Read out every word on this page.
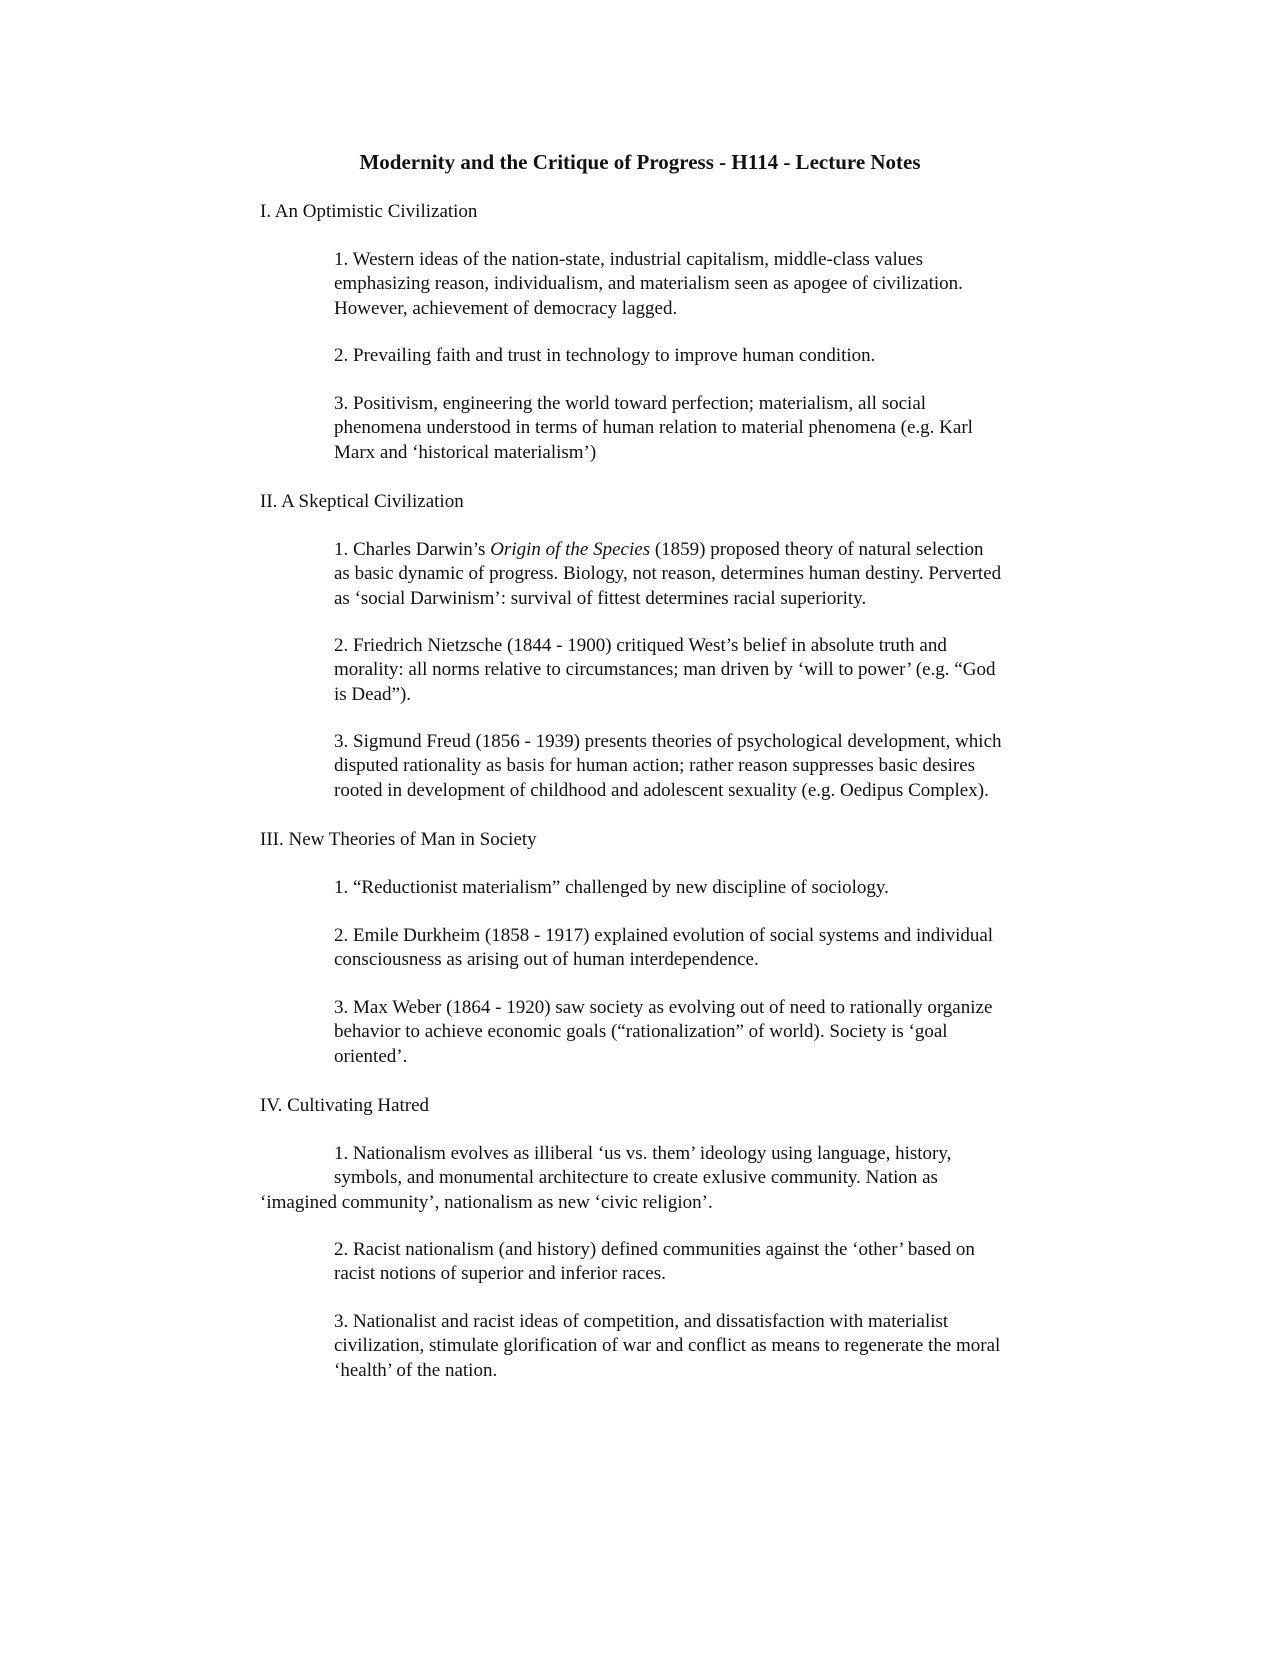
Modernity and the Critique of Progress - H114 - Lecture Notes
I. An Optimistic Civilization
1. Western ideas of the nation-state, industrial capitalism, middle-class values
emphasizing reason, individualism, and materialism seen as apogee of civilization.
However, achievement of democracy lagged.
2. Prevailing faith and trust in technology to improve human condition.
3. Positivism, engineering the world toward perfection; materialism, all social
phenomena understood in terms of human relation to material phenomena (e.g. Karl
Marx and ‘historical materialism’)
II. A Skeptical Civilization
1. Charles Darwin’s Origin of the Species (1859) proposed theory of natural selection
as basic dynamic of progress. Biology, not reason, determines human destiny. Perverted
as ‘social Darwinism’: survival of fittest determines racial superiority.
2. Friedrich Nietzsche (1844 - 1900) critiqued West’s belief in absolute truth and
morality: all norms relative to circumstances; man driven by ‘will to power’ (e.g. “God
is Dead”).
3. Sigmund Freud (1856 - 1939) presents theories of psychological development, which
disputed rationality as basis for human action; rather reason suppresses basic desires
rooted in development of childhood and adolescent sexuality (e.g. Oedipus Complex).
III. New Theories of Man in Society
1. “Reductionist materialism” challenged by new discipline of sociology.
2. Emile Durkheim (1858 - 1917) explained evolution of social systems and individual
consciousness as arising out of human interdependence.
3. Max Weber (1864 - 1920) saw society as evolving out of need to rationally organize
behavior to achieve economic goals (“rationalization” of world). Society is ‘goal
oriented’.
IV. Cultivating Hatred
1. Nationalism evolves as illiberal ‘us vs. them’ ideology using language, history,
symbols, and monumental architecture to create exlusive community. Nation as
‘imagined community’, nationalism as new ‘civic religion’.
2. Racist nationalism (and history) defined communities against the ‘other’ based on
racist notions of superior and inferior races.
3. Nationalist and racist ideas of competition, and dissatisfaction with materialist
civilization, stimulate glorification of war and conflict as means to regenerate the moral
‘health’ of the nation.
